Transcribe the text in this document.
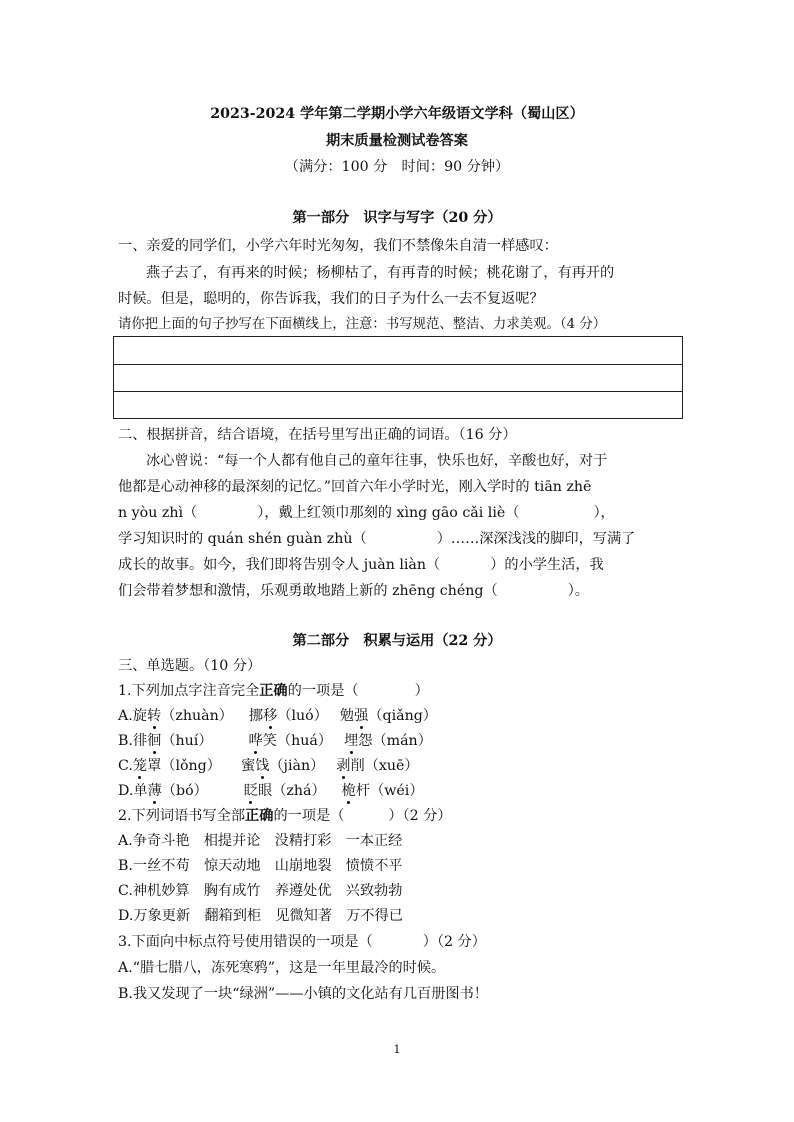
2023-2024 学年第二学期小学六年级语文学科（蜀山区）
期末质量检测试卷答案
（满分：100 分　时间：90 分钟）
第一部分　识字与写字（20 分）
一、亲爱的同学们，小学六年时光匆匆，我们不禁像朱自清一样感叹：
燕子去了，有再来的时候；杨柳枯了，有再青的时候；桃花谢了，有再开的
时候。但是，聪明的，你告诉我，我们的日子为什么一去不复返呢？
请你把上面的句子抄写在下面横线上，注意：书写规范、整洁、力求美观。（4 分）
二、根据拼音，结合语境，在括号里写出正确的词语。（16 分）
冰心曾说：“每一个人都有他自己的童年往事，快乐也好，辛酸也好，对于
他都是心动神移的最深刻的记忆。”回首六年小学时光，刚入学时的 tiān zhē
n yòu zhì（	），戴上红领巾那刻的 xìng gāo cǎi liè（	），
学习知识时的 quán shén guàn zhù（	）……深深浅浅的脚印，写满了
成长的故事。如今，我们即将告别令人 juàn liàn（	）的小学生活，我
们会带着梦想和激情，乐观勇敢地踏上新的 zhēng chéng（	）。
第二部分　积累与运用（22 分）
三、单选题。（10 分）
1.下列加点字注音完全正确的一项是（	）
A.旋转（zhuàn） 挪移（luó） 勉强（qiǎng）
B.徘徊（huí）	哗笑（huá） 埋怨（mán）
C.笼罩（lǒng） 蜜饯（jiàn） 剥削（xuē）
D.单薄（bó）	眨眼（zhá） 桅杆（wéi）
2.下列词语书写全部正确的一项是（	）（2 分）
A.争奇斗艳　相提并论　没精打彩　一本正经
B.一丝不苟　惊天动地　山崩地裂　愤愤不平
C.神机妙算　胸有成竹　养遵处优　兴致勃勃
D.万象更新　翻箱到柜　见微知著　万不得已
3.下面向中标点符号使用错误的一项是（	）（2 分）
A.“腊七腊八，冻死寒鸦”，这是一年里最冷的时候。
B.我又发现了一块“绿洲”——小镇的文化站有几百册图书！
1
